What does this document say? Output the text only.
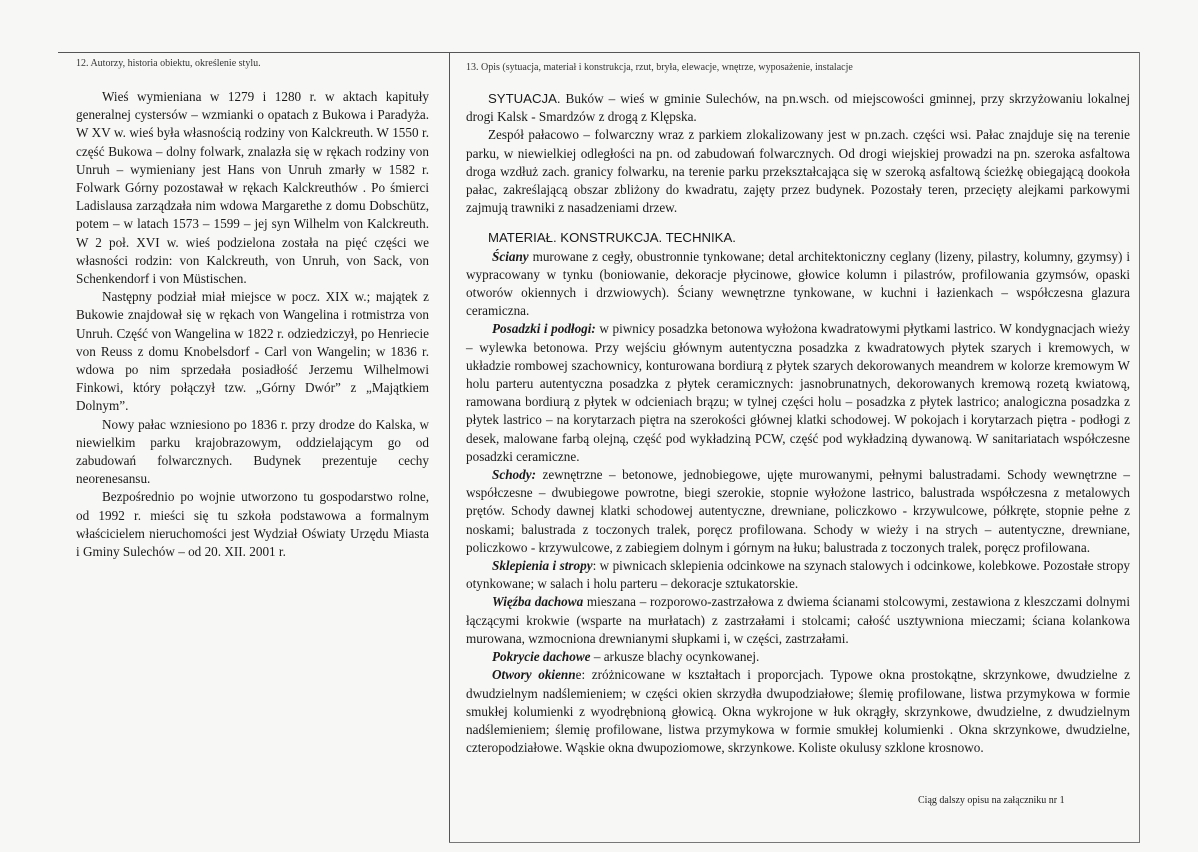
12. Autorzy, historia obiektu, określenie stylu.	13. Opis (sytuacja, materiał i konstrukcja, rzut, bryła, elewacje, wnętrze, wyposażenie, instalacje

Wieś wymieniana w 1279 i 1280 r. w aktach kapituły generalnej cystersów – wzmianki o opatach z Bukowa i Paradyża. W XV w. wieś była własnością rodziny von Kalckreuth. W 1550 r. część Bukowa – dolny folwark, znalazła się w rękach rodziny von Unruh – wymieniany jest Hans von Unruh zmarły w 1582 r. Folwark Górny pozostawał w rękach Kalckreuthów . Po śmierci Ladislausa zarządzała nim wdowa Margarethe z domu Dobschütz, potem – w latach 1573 – 1599 – jej syn Wilhelm von Kalckreuth. W 2 poł. XVI w. wieś podzielona została na pięć części we własności rodzin: von Kalckreuth, von Unruh, von Sack, von Schenkendorf i von Müstischen.

Następny podział miał miejsce w pocz. XIX w.; majątek z Bukowie znajdował się w rękach von Wangelina i rotmistrza von Unruh. Część von Wangelina w 1822 r. odziedziczył, po Henriecie von Reuss z domu Knobelsdorf - Carl von Wangelin; w 1836 r. wdowa po nim sprzedała posiadłość Jerzemu Wilhelmowi Finkowi, który połączył tzw. „Górny Dwór” z „Majątkiem Dolnym”.

Nowy pałac wzniesiono po 1836 r. przy drodze do Kalska, w niewielkim parku krajobrazowym, oddzielającym go od zabudowań folwarcznych. Budynek prezentuje cechy neorenesansu.

Bezpośrednio po wojnie utworzono tu gospodarstwo rolne, od 1992 r. mieści się tu szkoła podstawowa a formalnym właścicielem nieruchomości jest Wydział Oświaty Urzędu Miasta i Gminy Sulechów – od 20. XII. 2001 r.

SYTUACJA. Buków – wieś w gminie Sulechów, na pn.wsch. od miejscowości gminnej, przy skrzyżowaniu lokalnej drogi Kalsk - Smardzów z drogą z Klępska.

Zespół pałacowo – folwarczny wraz z parkiem zlokalizowany jest w pn.zach. części wsi. Pałac znajduje się na terenie parku, w niewielkiej odległości na pn. od zabudowań folwarcznych. Od drogi wiejskiej prowadzi na pn. szeroka asfaltowa droga wzdłuż zach. granicy folwarku, na terenie parku przekształcająca się w szeroką asfaltową ścieżkę obiegającą dookoła pałac, zakreślającą obszar zbliżony do kwadratu, zajęty przez budynek. Pozostały teren, przecięty alejkami parkowymi zajmują trawniki z nasadzeniami drzew.

MATERIAŁ. KONSTRUKCJA. TECHNIKA.

Ściany murowane z cegły, obustronnie tynkowane; detal architektoniczny ceglany (lizeny, pilastry, kolumny, gzymsy) i wypracowany w tynku (boniowanie, dekoracje płycinowe, głowice kolumn i pilastrów, profilowania gzymsów, opaski otworów okiennych i drzwiowych). Ściany wewnętrzne tynkowane, w kuchni i łazienkach – współczesna glazura ceramiczna.

Posadzki i podłogi: w piwnicy posadzka betonowa wyłożona kwadratowymi płytkami lastrico. W kondygnacjach wieży – wylewka betonowa. Przy wejściu głównym autentyczna posadzka z kwadratowych płytek szarych i kremowych, w układzie rombowej szachownicy, konturowana bordiurą z płytek szarych dekorowanych meandrem w kolorze kremowym W holu parteru autentyczna posadzka z płytek ceramicznych: jasnobrunatnych, dekorowanych kremową rozetą kwiatową, ramowana bordiurą z płytek w odcieniach brązu; w tylnej części holu – posadzka z płytek lastrico; analogiczna posadzka z płytek lastrico – na korytarzach piętra na szerokości głównej klatki schodowej. W pokojach i korytarzach piętra - podłogi z desek, malowane farbą olejną, część pod wykładziną PCW, część pod wykładziną dywanową. W sanitariatach współczesne posadzki ceramiczne.

Schody: zewnętrzne – betonowe, jednobiegowe, ujęte murowanymi, pełnymi balustradami. Schody wewnętrzne – współczesne – dwubiegowe powrotne, biegi szerokie, stopnie wyłożone lastrico, balustrada współczesna z metalowych prętów. Schody dawnej klatki schodowej autentyczne, drewniane, policzkowo - krzywulcowe, półkręte, stopnie pełne z noskami; balustrada z toczonych tralek, poręcz profilowana. Schody w wieży i na strych – autentyczne, drewniane, policzkowo - krzywulcowe, z zabiegiem dolnym i górnym na łuku; balustrada z toczonych tralek, poręcz profilowana.

Sklepienia i stropy: w piwnicach sklepienia odcinkowe na szynach stalowych i odcinkowe, kolebkowe. Pozostałe stropy otynkowane; w salach i holu parteru – dekoracje sztukatorskie.

Więźba dachowa mieszana – rozporowo-zastrzałowa z dwiema ścianami stolcowymi, zestawiona z kleszczami dolnymi łączącymi krokwie (wsparte na murłatach) z zastrzałami i stolcami; całość usztywniona mieczami; ściana kolankowa murowana, wzmocniona drewnianymi słupkami i, w części, zastrzałami.

Pokrycie dachowe – arkusze blachy ocynkowanej.

Otwory okienne: zróżnicowane w kształtach i proporcjach. Typowe okna prostokątne, skrzynkowe, dwudzielne z dwudzielnym nadślemieniem; w części okien skrzydła dwupodziałowe; ślemię profilowane, listwa przymykowa w formie smukłej kolumienki z wyodrębnioną głowicą. Okna wykrojone w łuk okrągły, skrzynkowe, dwudzielne, z dwudzielnym nadślemieniem; ślemię profilowane, listwa przymykowa w formie smukłej kolumienki . Okna skrzynkowe, dwudzielne, czteropodziałowe. Wąskie okna dwupoziomowe, skrzynkowe. Koliste okulusy szklone krosnowo.

Ciąg dalszy opisu na załączniku nr 1
